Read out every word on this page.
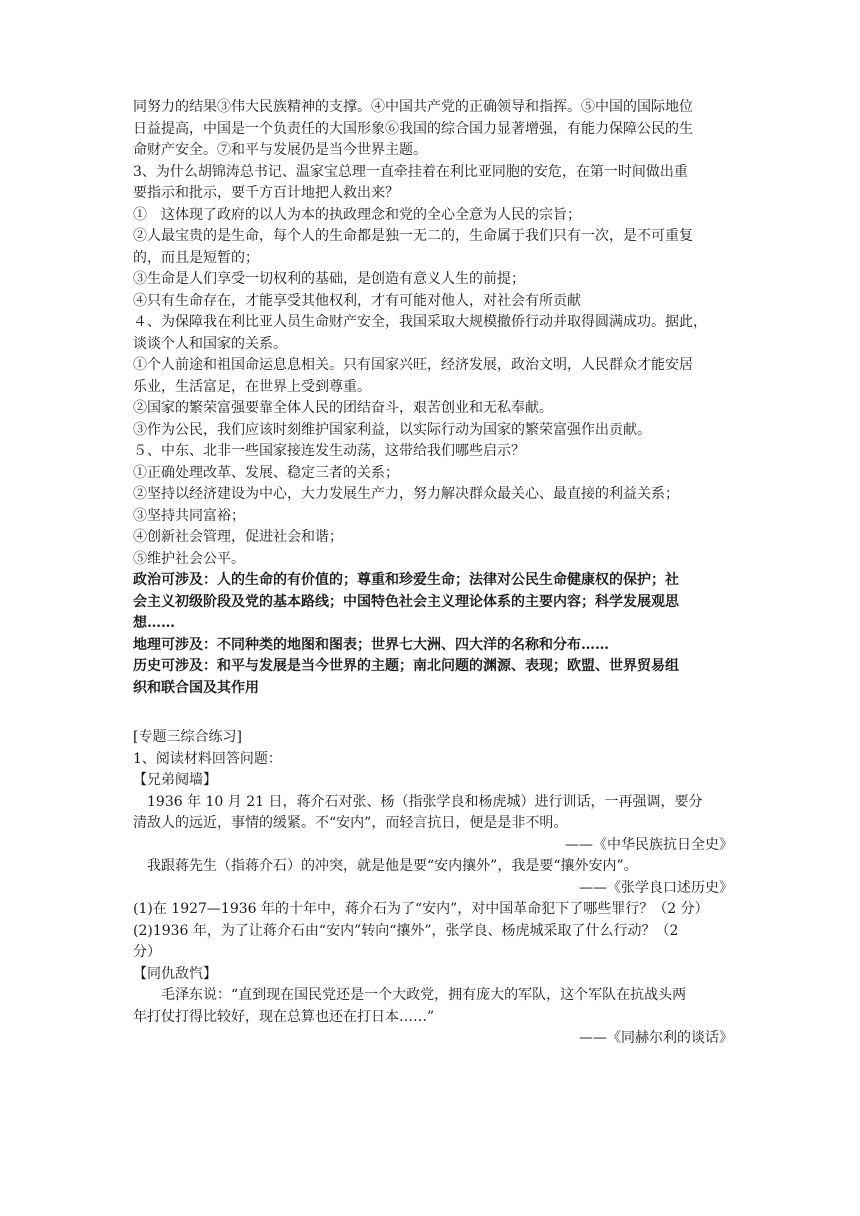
同努力的结果③伟大民族精神的支撑。④中国共产党的正确领导和指挥。⑤中国的国际地位
日益提高，中国是一个负责任的大国形象⑥我国的综合国力显著增强，有能力保障公民的生
命财产安全。⑦和平与发展仍是当今世界主题。
3、为什么胡锦涛总书记、温家宝总理一直牵挂着在利比亚同胞的安危，在第一时间做出重
要指示和批示，要千方百计地把人救出来？
①　这体现了政府的以人为本的执政理念和党的全心全意为人民的宗旨；
②人最宝贵的是生命，每个人的生命都是独一无二的，生命属于我们只有一次，是不可重复
的，而且是短暂的；
③生命是人们享受一切权利的基础，是创造有意义人生的前提；
④只有生命存在，才能享受其他权利，才有可能对他人，对社会有所贡献
４、为保障我在利比亚人员生命财产安全，我国采取大规模撤侨行动并取得圆满成功。据此，
谈谈个人和国家的关系。
①个人前途和祖国命运息息相关。只有国家兴旺，经济发展，政治文明，人民群众才能安居
乐业，生活富足，在世界上受到尊重。
②国家的繁荣富强要靠全体人民的团结奋斗，艰苦创业和无私奉献。
③作为公民，我们应该时刻维护国家利益，以实际行动为国家的繁荣富强作出贡献。
５、中东、北非一些国家接连发生动荡，这带给我们哪些启示？
①正确处理改革、发展、稳定三者的关系；
②坚持以经济建设为中心，大力发展生产力，努力解决群众最关心、最直接的利益关系；
③坚持共同富裕；
④创新社会管理，促进社会和谐；
⑤维护社会公平。
政治可涉及：人的生命的有价值的；尊重和珍爱生命；法律对公民生命健康权的保护；社
会主义初级阶段及党的基本路线；中国特色社会主义理论体系的主要内容；科学发展观思
想……
地理可涉及：不同种类的地图和图表；世界七大洲、四大洋的名称和分布……
历史可涉及：和平与发展是当今世界的主题；南北问题的渊源、表现；欧盟、世界贸易组
织和联合国及其作用
[专题三综合练习]
1、阅读材料回答问题：
【兄弟阋墙】
1936 年 10 月 21 日，蒋介石对张、杨（指张学良和杨虎城）进行训话，一再强调，要分
清敌人的远近，事情的缓紧。不“安内”，而轻言抗日，便是是非不明。
——《中华民族抗日全史》
我跟蒋先生（指蒋介石）的冲突，就是他是要“安内攘外”，我是要“攘外安内”。
——《张学良口述历史》
(1)在 1927—1936 年的十年中，蒋介石为了“安内”，对中国革命犯下了哪些罪行？（2 分）
(2)1936 年，为了让蒋介石由“安内”转向“攘外”，张学良、杨虎城采取了什么行动？（2
分）
【同仇敌忾】
毛泽东说：“直到现在国民党还是一个大政党，拥有庞大的军队，这个军队在抗战头两
年打仗打得比较好，现在总算也还在打日本……”
——《同赫尔利的谈话》
